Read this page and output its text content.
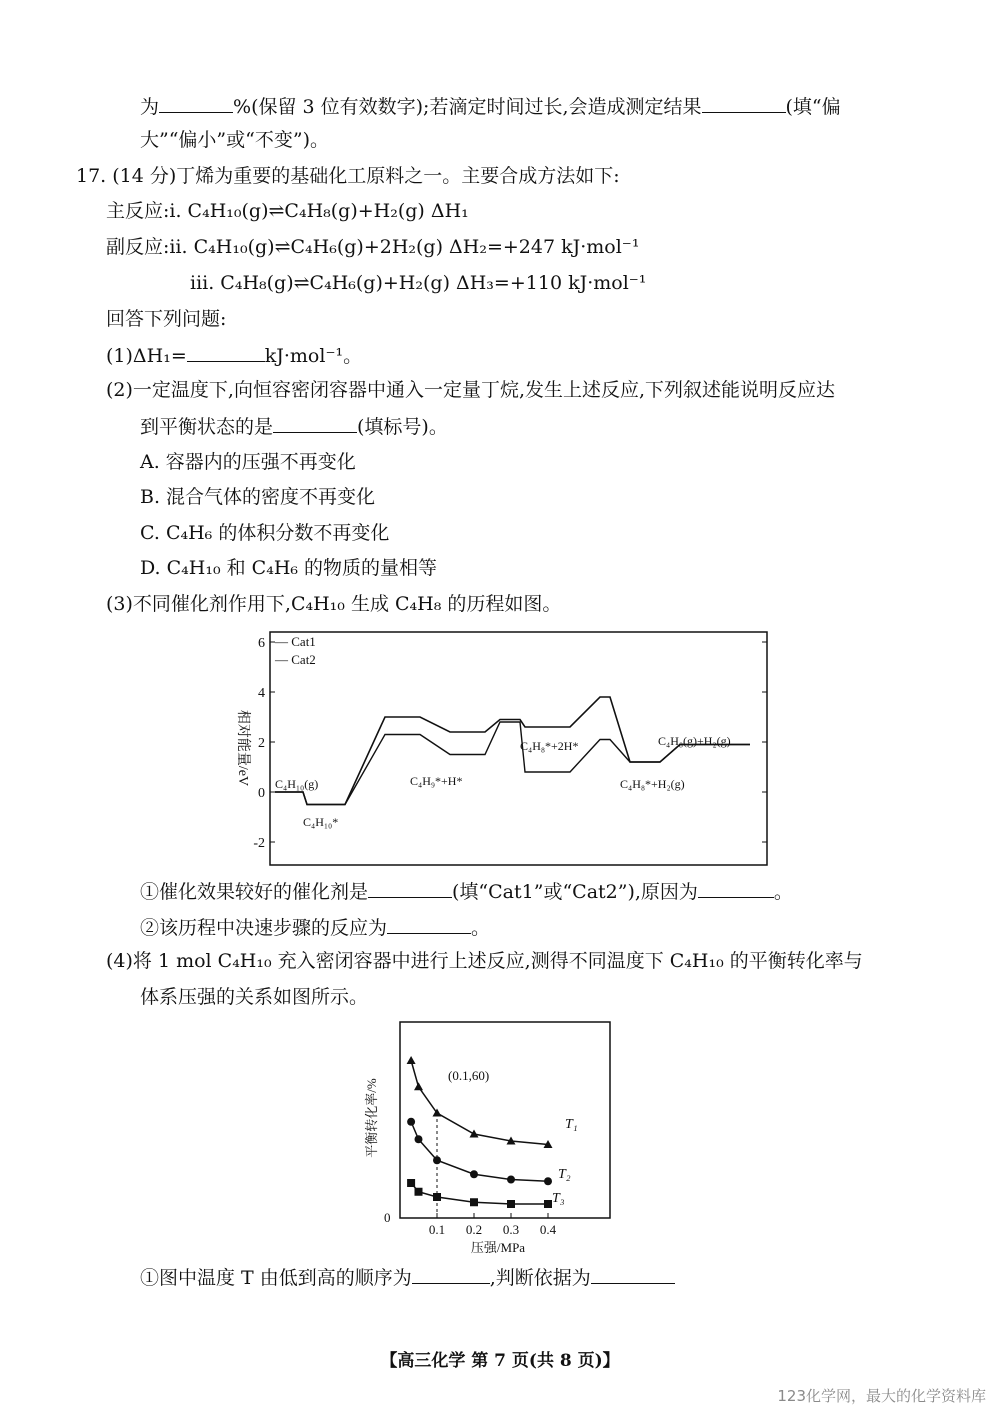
为	%(保留 3 位有效数字);若滴定时间过长,会造成测定结果	(填“偏
大”“偏小”或“不变”)。
17. (14 分)丁烯为重要的基础化工原料之一。主要合成方法如下:
主反应:ⅰ. C₄H₁₀(g)⇌C₄H₈(g)+H₂(g) ΔH₁
副反应:ⅱ. C₄H₁₀(g)⇌C₄H₆(g)+2H₂(g) ΔH₂=+247 kJ·mol⁻¹
ⅲ. C₄H₈(g)⇌C₄H₆(g)+H₂(g) ΔH₃=+110 kJ·mol⁻¹
回答下列问题:
(1)ΔH₁=	kJ·mol⁻¹。
(2)一定温度下,向恒容密闭容器中通入一定量丁烷,发生上述反应,下列叙述能说明反应达
到平衡状态的是	(填标号)。
A. 容器内的压强不再变化
B. 混合气体的密度不再变化
C. C₄H₆ 的体积分数不再变化
D. C₄H₁₀ 和 C₄H₆ 的物质的量相等
(3)不同催化剂作用下,C₄H₁₀ 生成 C₄H₈ 的历程如图。
相对能量/eV
6
4
2
0
-2
— Cat1
— Cat2
C₄H₁₀(g)
C₄H₁₀*
C₄H₉*+H*
C₄H₈*+2H*
C₄H₈*+H₂(g)
C₄H₈(g)+H₂(g)
①催化效果较好的催化剂是	(填“Cat1”或“Cat2”),原因为	。
②该历程中决速步骤的反应为	。
(4)将 1 mol C₄H₁₀ 充入密闭容器中进行上述反应,测得不同温度下 C₄H₁₀ 的平衡转化率与
体系压强的关系如图所示。
平衡转化率/%
压强/MPa
0
0.1 0.2 0.3 0.4
T₁
T₂
T₃
(0.1,60)
①图中温度 T 由低到高的顺序为	,判断依据为
【高三化学 第 7 页(共 8 页)】
123化学网，最大的化学资料库
